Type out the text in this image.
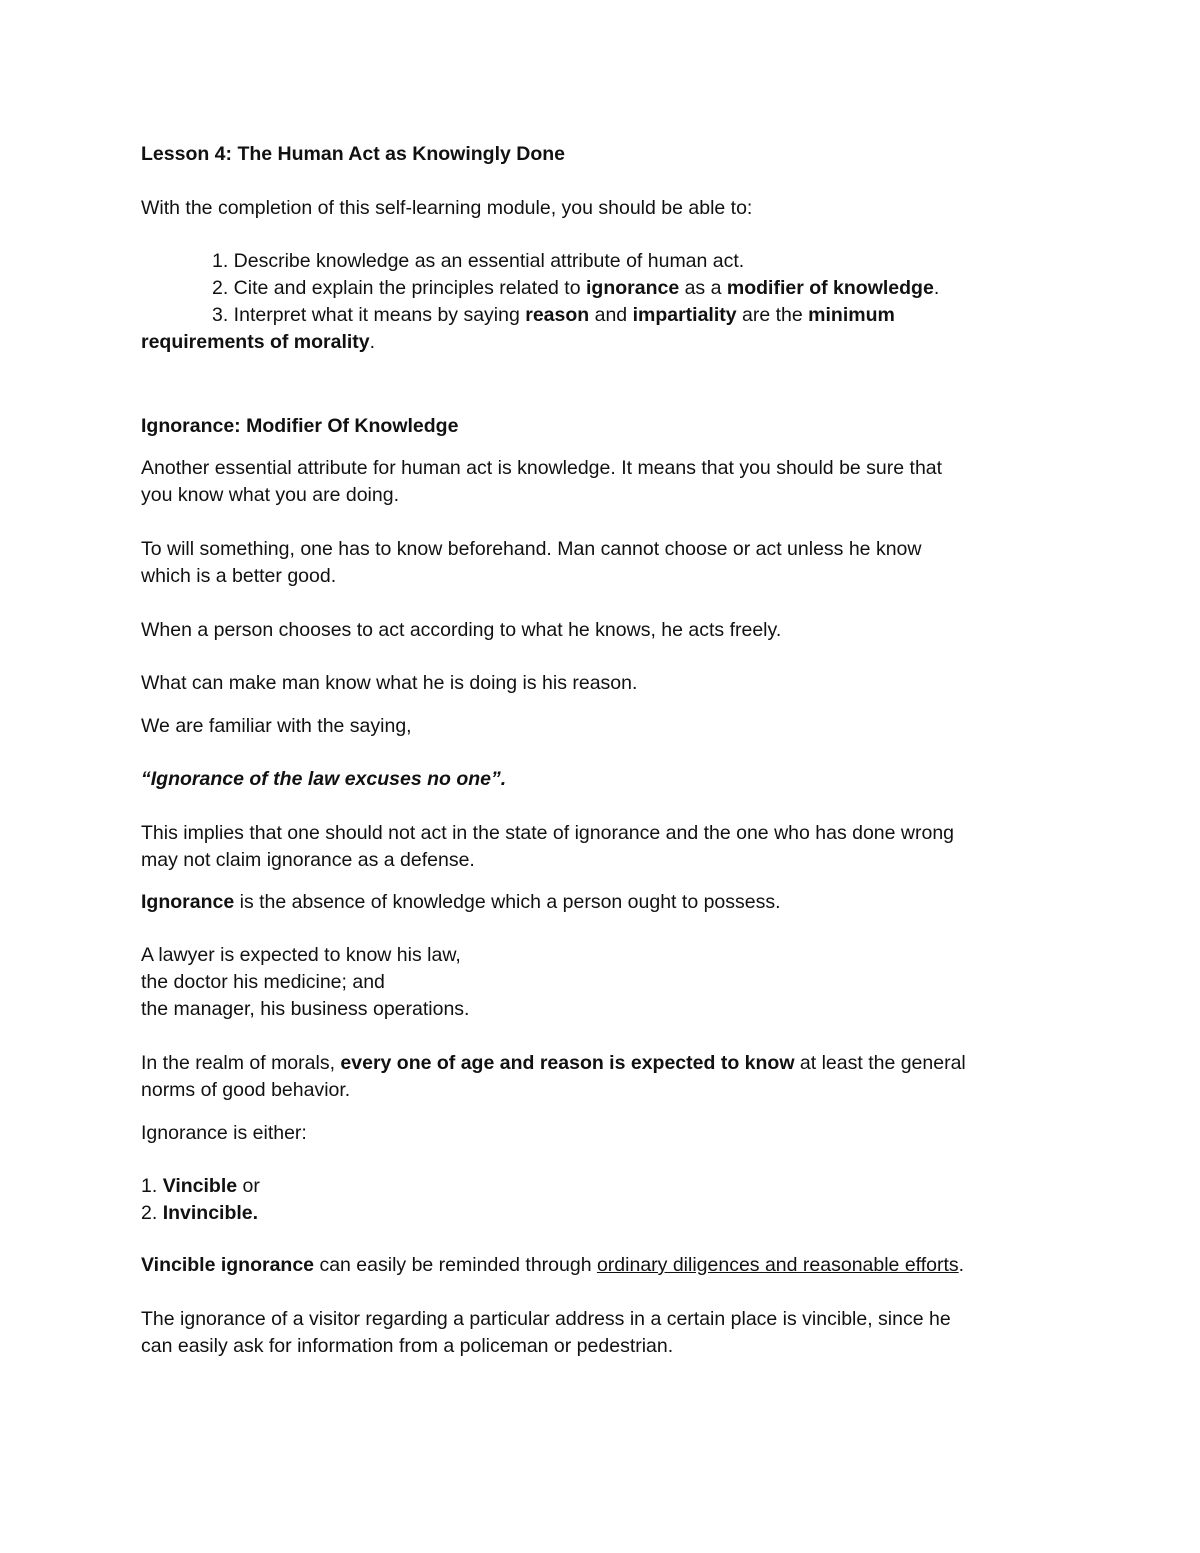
Lesson 4: The Human Act as Knowingly Done
With the completion of this self-learning module, you should be able to:
1. Describe knowledge as an essential attribute of human act.
2. Cite and explain the principles related to ignorance as a modifier of knowledge.
3. Interpret what it means by saying reason and impartiality are the minimum
requirements of morality.
Ignorance: Modifier Of Knowledge
Another essential attribute for human act is knowledge. It means that you should be sure that
you know what you are doing.
To will something, one has to know beforehand. Man cannot choose or act unless he know
which is a better good.
When a person chooses to act according to what he knows, he acts freely.
What can make man know what he is doing is his reason.
We are familiar with the saying,
“Ignorance of the law excuses no one”.
This implies that one should not act in the state of ignorance and the one who has done wrong
may not claim ignorance as a defense.
Ignorance is the absence of knowledge which a person ought to possess.
A lawyer is expected to know his law,
the doctor his medicine; and
the manager, his business operations.
In the realm of morals, every one of age and reason is expected to know at least the general
norms of good behavior.
Ignorance is either:
1. Vincible or
2. Invincible.
Vincible ignorance can easily be reminded through ordinary diligences and reasonable efforts.
The ignorance of a visitor regarding a particular address in a certain place is vincible, since he
can easily ask for information from a policeman or pedestrian.
